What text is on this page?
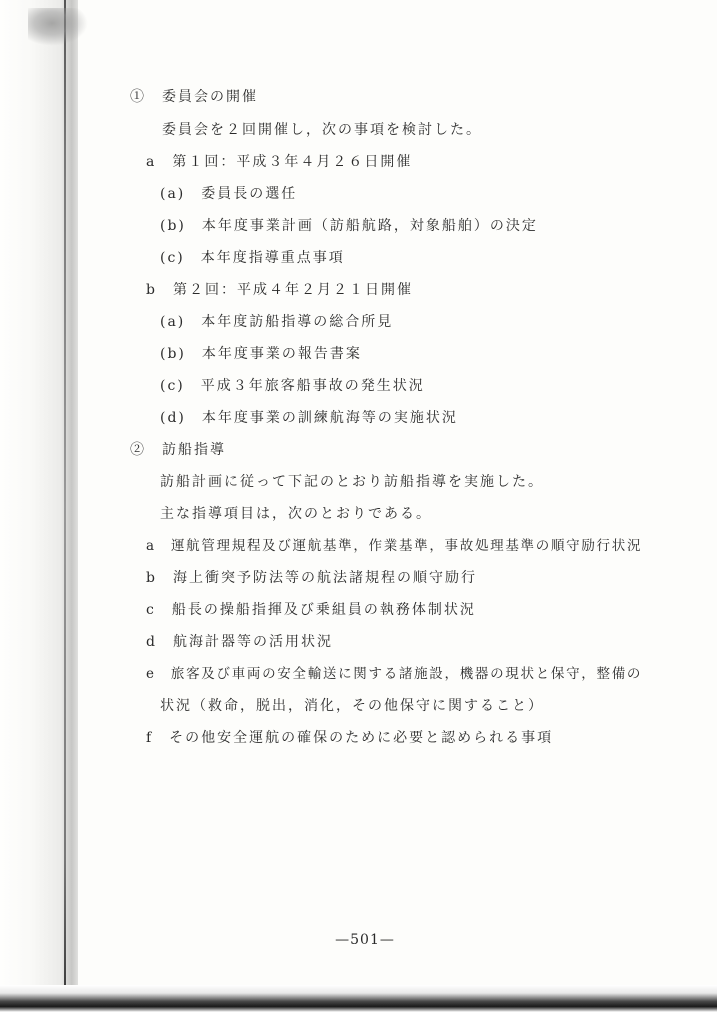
①　委員会の開催
委員会を２回開催し，次の事項を検討した。
a　第１回：平成３年４月２６日開催
(a)　委員長の選任
(b)　本年度事業計画（訪船航路，対象船舶）の決定
(c)　本年度指導重点事項
b　第２回：平成４年２月２１日開催
(a)　本年度訪船指導の総合所見
(b)　本年度事業の報告書案
(c)　平成３年旅客船事故の発生状況
(d)　本年度事業の訓練航海等の実施状況
②　訪船指導
訪船計画に従って下記のとおり訪船指導を実施した。
主な指導項目は，次のとおりである。
a　運航管理規程及び運航基準，作業基準，事故処理基準の順守励行状況
b　海上衝突予防法等の航法諸規程の順守励行
c　船長の操船指揮及び乗組員の執務体制状況
d　航海計器等の活用状況
e　旅客及び車両の安全輸送に関する諸施設，機器の現状と保守，整備の
状況（救命，脱出，消化，その他保守に関すること）
f　その他安全運航の確保のために必要と認められる事項
—501—
